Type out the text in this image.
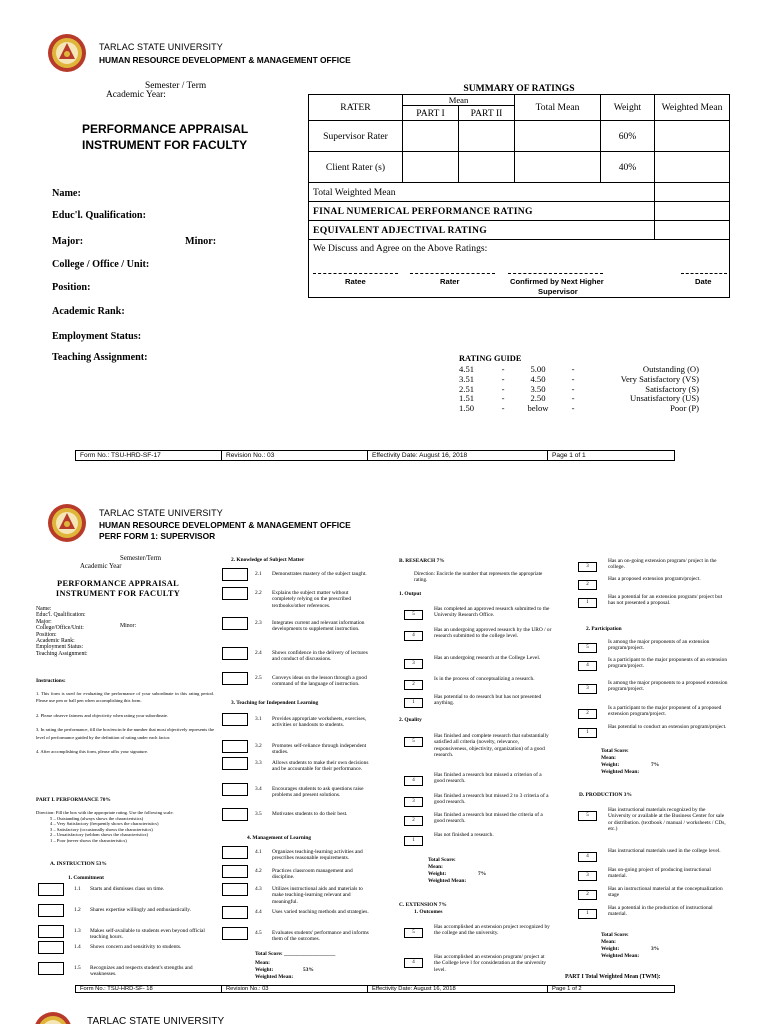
TARLAC STATE UNIVERSITY
HUMAN RESOURCE DEVELOPMENT & MANAGEMENT OFFICE
Semester / Term
Academic Year:
PERFORMANCE APPRAISAL
INSTRUMENT FOR FACULTY
Name:
Educ'l. Qualification:
Major:	Minor:
College / Office / Unit:
Position:
Academic Rank:
Employment Status:
Teaching Assignment:
SUMMARY OF RATINGS					
RATER	Mean		Total Mean	Weight	Weighted Mean
	PART I	PART II			
Supervisor Rater				60%	
Client Rater (s)				40%	
Total Weighted Mean					
FINAL NUMERICAL PERFORMANCE RATING					
EQUIVALENT ADJECTIVAL RATING					
We Discuss and Agree on the Above Ratings:					
Ratee	Rater	Confirmed by Next Higher
Supervisor
Date
RATING GUIDE
4.51	-	5.00	-	Outstanding (O)
3.51	-	4.50	-	Very Satisfactory (VS)
2.51	-	3.50	-	Satisfactory (S)
1.51	-	2.50	-	Unsatisfactory (US)
1.50	-	below	-	Poor (P)
Form No.: TSU-HRD-SF-17	Revision No.: 03	Effectivity Date: August 16, 2018	Page 1 of 1
TARLAC STATE UNIVERSITY
HUMAN RESOURCE DEVELOPMENT & MANAGEMENT OFFICE
PERF FORM 1: SUPERVISOR
Semester/Term
Academic Year
PERFORMANCE APPRAISAL INSTRUMENT FOR FACULTY
Name:
Educ'l. Qualification:
Major:
College/Office/Unit:
Position:
Academic Rank:
Employment Status:
Teaching Assignment:
Minor:
Instructions:
1. This form is used for evaluating the performance of your subordinate in this rating period. Please use pen or ball pen when accomplishing this form.
2. Please observe fairness and objectivity when rating your subordinate.
3. In rating the performance, fill the box/encircle the number that most objectively represents the level of performance guided by the definition of rating under each factor.
4. After accomplishing this form, please affix your signature.
PART I. PERFORMANCE 70%
Direction: Fill the box with the appropriate rating. Use the following scale.
5 – Outstanding (always shows the characteristics)
4 – Very Satisfactory (frequently shows the characteristics)
3 – Satisfactory (occasionally shows the characteristics)
2 – Unsatisfactory (seldom shows the characteristics)
1 – Poor (never shows the characteristics)
A. INSTRUCTION 53%
1. Commitment
1.1 Starts and dismisses class on time.
1.2 Shares expertise willingly and enthusiastically.
1.3 Makes self-available to students even beyond official teaching hours.
1.4 Shows concern and sensitivity to students.
1.5 Recognizes and respects student's strengths and weaknesses.
2. Knowledge of Subject Matter
3. Teaching for Independent Learning
4. Management of Learning
2.1 Demonstrates mastery of the subject taught.
2.2 Explains the subject matter without completely relying on the prescribed textbooks/other references.
2.3 Integrates current and relevant information developments to supplement instruction.
2.4 Shows confidence in the delivery of lectures and conduct of discussions.
2.5 Conveys ideas on the lesson through a good command of the language of instruction.
3.1 Provides appropriate worksheets, exercises, activities or handouts to students.
3.2 Promotes self-reliance through independent studies.
3.3 Allows students to make their own decisions and be accountable for their performance.
3.4 Encourages students to ask questions raise problems and present solutions.
3.5 Motivates students to do their best.
4.1 Organizes teaching-learning activities and prescribes reasonable requirements.
4.2 Practices classroom management and discipline.
4.3 Utilizes instructional aids and materials to make teaching-learning relevant and meaningful.
4.4 Uses varied teaching methods and strategies.
4.5 Evaluates students' performance and informs them of the outcomes.
Total Score: ___________________
Mean:
Weight:	53%
Weighted Mean:
B. RESEARCH 7%
Direction: Encircle the number that represents the appropriate rating.
1. Output
2. Quality
5
Has completed an approved research submitted to the University Research Office.
4
Has an undergoing approved research by the URO / or research submitted to the college level.
3
Has an undergoing research at the College Level.
2
Is in the process of conceptualizing a research.
1
Has potential to do research but has not presented anything.
5
Has finished and complete research that substantially satisfied all criteria (novelty, relevance, responsiveness, objectivity, organization) of a good research.
4
Has finished a research but missed a criterion of a good research.
3
Has finished a research but missed 2 to 3 criteria of a good research.
2
Has finished a research but missed the criteria of a good research.
1
Has not finished a research.
5
Has accomplished an extension project recognized by the college and the university.
4
Has accomplished an extension program/ project at the College leve l for consideration at the university level.
Total Score:
Mean:
Weight:	7%
Weighted Mean:
C. EXTENSION 7%
1. Outcomes
2. Participation
3
Has an on-going extension program/ project in the college.
2
Has a proposed extension program/project.
1
Has a potential for an extension program/ project but has not presented a proposal.
5
Is among the major proponents of an extension program/project.
4
Is a participant to the major proponents of an extension program/project.
3
Is among the major proponents to a proposed extension program/project.
2
Is a participant to the major proponent of a proposed extension program/project.
1
Has potential to conduct an extension program/project.
5
Has instructional materials recognized by the University or available at the Business Center for sale or distribution. (textbook / manual / worksheets / CDs, etc.)
4
Has instructional materials used in the college level.
3
Has on-going project of producing instructional material.
2
Has an instructional material at the conceptualization stage
1
Has a potential in the production of instructional material.
Total Score:
Mean:
Weight:	7%
Weighted Mean:
D. PRODUCTION 3%
Total Score:
Mean:
Weight:	3%
Weighted Mean:
PART I Total Weighted Mean (TWM):
Form No.: TSU-HRD-SF- 18	Revision No.: 03	Effectivity Date: August 16, 2018	Page 1 of 2
TARLAC STATE UNIVERSITY
